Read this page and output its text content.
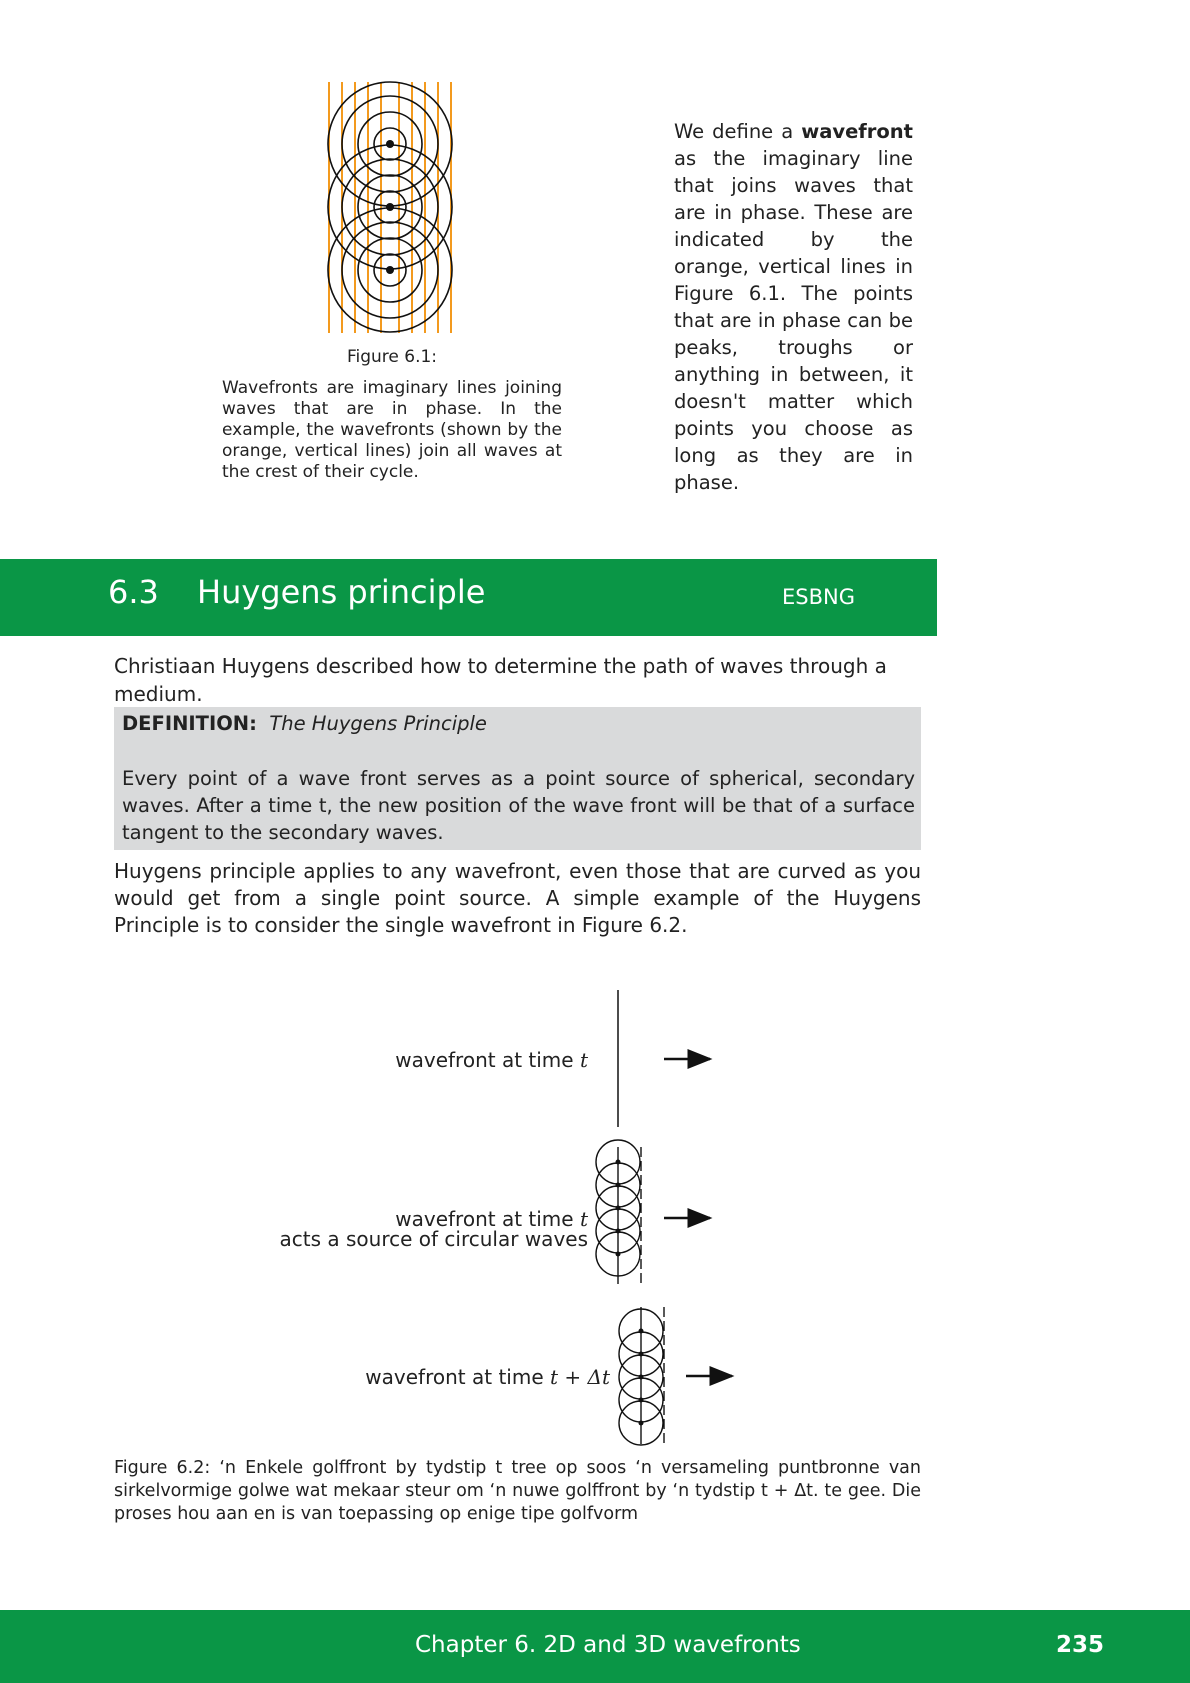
Figure 6.1:
Wavefronts are imaginary lines joining waves that are in phase. In the example, the wavefronts (shown by the orange, vertical lines) join all waves at the crest of their cycle.
We define a wavefront as the imaginary line that joins waves that are in phase. These are indicated by the orange, vertical lines in Figure 6.1. The points that are in phase can be peaks, troughs or anything in between, it doesn't matter which points you choose as long as they are in phase.
6.3 Huygens principle	ESBNG
Christiaan Huygens described how to determine the path of waves through a medium.
DEFINITION: The Huygens Principle
Every point of a wave front serves as a point source of spherical, secondary waves. After a time t, the new position of the wave front will be that of a surface tangent to the secondary waves.
Huygens principle applies to any wavefront, even those that are curved as you would get from a single point source. A simple example of the Huygens Principle is to consider the single wavefront in Figure 6.2.
wavefront at time t
wavefront at time t
acts a source of circular waves
wavefront at time t + Δt
Figure 6.2: ‘n Enkele golffront by tydstip t tree op soos ‘n versameling puntbronne van sirkelvormige golwe wat mekaar steur om ‘n nuwe golffront by ‘n tydstip t + Δt. te gee. Die proses hou aan en is van toepassing op enige tipe golfvorm
Chapter 6. 2D and 3D wavefronts	235
